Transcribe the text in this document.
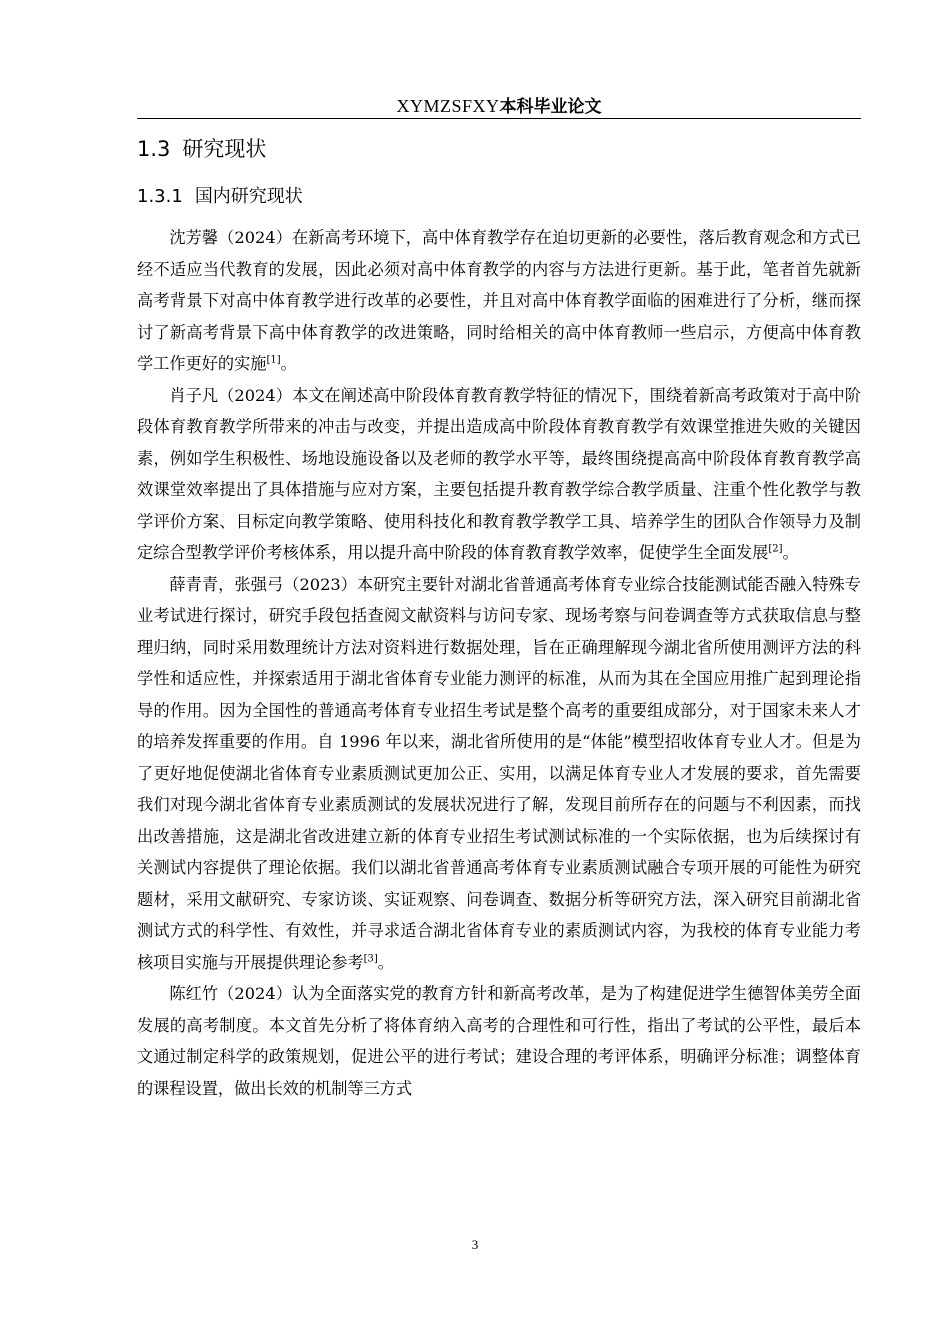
XYMZSFXY本科毕业论文
1.3 研究现状
1.3.1 国内研究现状

沈芳馨（2024）在新高考环境下，高中体育教学存在迫切更新的必要性，落后教育观念和方式已经不适应当代教育的发展，因此必须对高中体育教学的内容与方法进行更新。基于此，笔者首先就新高考背景下对高中体育教学进行改革的必要性，并且对高中体育教学面临的困难进行了分析，继而探讨了新高考背景下高中体育教学的改进策略，同时给相关的高中体育教师一些启示，方便高中体育教学工作更好的实施[1]。

肖子凡（2024）本文在阐述高中阶段体育教育教学特征的情况下，围绕着新高考政策对于高中阶段体育教育教学所带来的冲击与改变，并提出造成高中阶段体育教育教学有效课堂推进失败的关键因素，例如学生积极性、场地设施设备以及老师的教学水平等，最终围绕提高高中阶段体育教育教学高效课堂效率提出了具体措施与应对方案，主要包括提升教育教学综合教学质量、注重个性化教学与教学评价方案、目标定向教学策略、使用科技化和教育教学教学工具、培养学生的团队合作领导力及制定综合型教学评价考核体系，用以提升高中阶段的体育教育教学效率，促使学生全面发展[2]。

薛青青，张强弓（2023）本研究主要针对湖北省普通高考体育专业综合技能测试能否融入特殊专业考试进行探讨，研究手段包括查阅文献资料与访问专家、现场考察与问卷调查等方式获取信息与整理归纳，同时采用数理统计方法对资料进行数据处理，旨在正确理解现今湖北省所使用测评方法的科学性和适应性，并探索适用于湖北省体育专业能力测评的标准，从而为其在全国应用推广起到理论指导的作用。因为全国性的普通高考体育专业招生考试是整个高考的重要组成部分，对于国家未来人才的培养发挥重要的作用。自 1996 年以来，湖北省所使用的是“体能”模型招收体育专业人才。但是为了更好地促使湖北省体育专业素质测试更加公正、实用，以满足体育专业人才发展的要求，首先需要我们对现今湖北省体育专业素质测试的发展状况进行了解，发现目前所存在的问题与不利因素，而找出改善措施，这是湖北省改进建立新的体育专业招生考试测试标准的一个实际依据，也为后续探讨有关测试内容提供了理论依据。我们以湖北省普通高考体育专业素质测试融合专项开展的可能性为研究题材，采用文献研究、专家访谈、实证观察、问卷调查、数据分析等研究方法，深入研究目前湖北省测试方式的科学性、有效性，并寻求适合湖北省体育专业的素质测试内容，为我校的体育专业能力考核项目实施与开展提供理论参考[3]。

陈红竹（2024）认为全面落实党的教育方针和新高考改革，是为了构建促进学生德智体美劳全面发展的高考制度。本文首先分析了将体育纳入高考的合理性和可行性，指出了考试的公平性，最后本文通过制定科学的政策规划，促进公平的进行考试；建设合理的考评体系，明确评分标准；调整体育的课程设置，做出长效的机制等三方式

3
